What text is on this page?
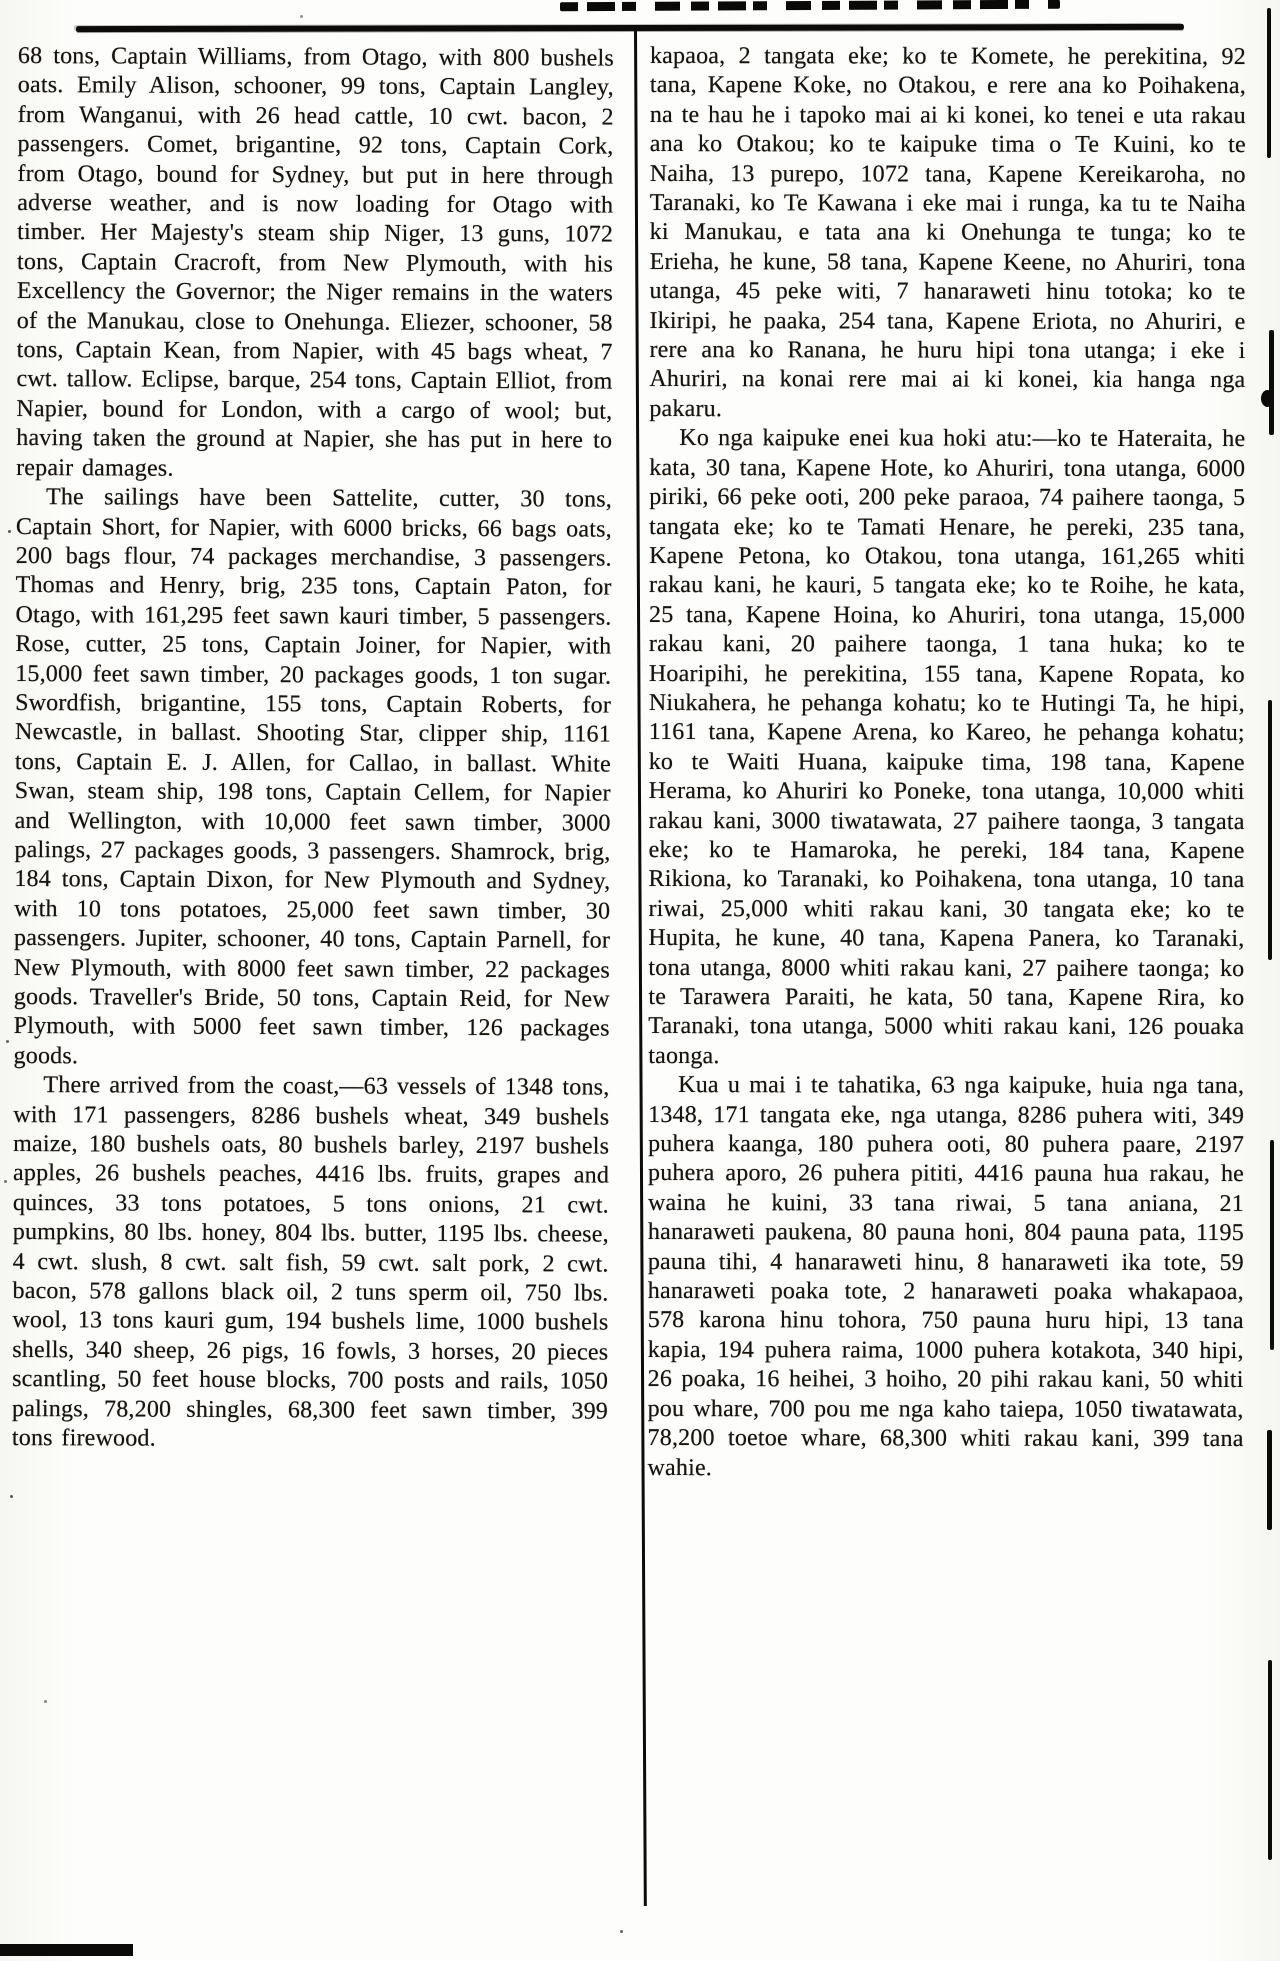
68 tons, Captain Williams, from Otago, with 800 bushels oats. Emily Alison, schooner, 99 tons, Captain Langley, from Wanganui, with 26 head cattle, 10 cwt. bacon, 2 passengers. Comet, brigantine, 92 tons, Captain Cork, from Otago, bound for Sydney, but put in here through adverse weather, and is now loading for Otago with timber. Her Majesty's steam ship Niger, 13 guns, 1072 tons, Captain Cracroft, from New Plymouth, with his Excellency the Governor; the Niger remains in the waters of the Manukau, close to Onehunga. Eliezer, schooner, 58 tons, Captain Kean, from Napier, with 45 bags wheat, 7 cwt. tallow. Eclipse, barque, 254 tons, Captain Elliot, from Napier, bound for London, with a cargo of wool; but, having taken the ground at Napier, she has put in here to repair damages.

The sailings have been Sattelite, cutter, 30 tons, Captain Short, for Napier, with 6000 bricks, 66 bags oats, 200 bags flour, 74 packages merchandise, 3 passengers. Thomas and Henry, brig, 235 tons, Captain Paton, for Otago, with 161,295 feet sawn kauri timber, 5 passengers. Rose, cutter, 25 tons, Captain Joiner, for Napier, with 15,000 feet sawn timber, 20 packages goods, 1 ton sugar. Swordfish, brigantine, 155 tons, Captain Roberts, for Newcastle, in ballast. Shooting Star, clipper ship, 1161 tons, Captain E. J. Allen, for Callao, in ballast. White Swan, steam ship, 198 tons, Captain Cellem, for Napier and Wellington, with 10,000 feet sawn timber, 3000 palings, 27 packages goods, 3 passengers. Shamrock, brig, 184 tons, Captain Dixon, for New Plymouth and Sydney, with 10 tons potatoes, 25,000 feet sawn timber, 30 passengers. Jupiter, schooner, 40 tons, Captain Parnell, for New Plymouth, with 8000 feet sawn timber, 22 packages goods. Traveller's Bride, 50 tons, Captain Reid, for New Plymouth, with 5000 feet sawn timber, 126 packages goods.

There arrived from the coast,—63 vessels of 1348 tons, with 171 passengers, 8286 bushels wheat, 349 bushels maize, 180 bushels oats, 80 bushels barley, 2197 bushels apples, 26 bushels peaches, 4416 lbs. fruits, grapes and quinces, 33 tons potatoes, 5 tons onions, 21 cwt. pumpkins, 80 lbs. honey, 804 lbs. butter, 1195 lbs. cheese, 4 cwt. slush, 8 cwt. salt fish, 59 cwt. salt pork, 2 cwt. bacon, 578 gallons black oil, 2 tuns sperm oil, 750 lbs. wool, 13 tons kauri gum, 194 bushels lime, 1000 bushels shells, 340 sheep, 26 pigs, 16 fowls, 3 horses, 20 pieces scantling, 50 feet house blocks, 700 posts and rails, 1050 palings, 78,200 shingles, 68,300 feet sawn timber, 399 tons firewood.

kapaoa, 2 tangata eke; ko te Komete, he perekitina, 92 tana, Kapene Koke, no Otakou, e rere ana ko Poihakena, na te hau he i tapoko mai ai ki konei, ko tenei e uta rakau ana ko Otakou; ko te kaipuke tima o Te Kuini, ko te Naiha, 13 purepo, 1072 tana, Kapene Kereikaroha, no Taranaki, ko Te Kawana i eke mai i runga, ka tu te Naiha ki Manukau, e tata ana ki Onehunga te tunga; ko te Erieha, he kune, 58 tana, Kapene Keene, no Ahuriri, tona utanga, 45 peke witi, 7 hanaraweti hinu totoka; ko te Ikiripi, he paaka, 254 tana, Kapene Eriota, no Ahuriri, e rere ana ko Ranana, he huru hipi tona utanga; i eke i Ahuriri, na konai rere mai ai ki konei, kia hanga nga pakaru.

Ko nga kaipuke enei kua hoki atu:—ko te Hateraita, he kata, 30 tana, Kapene Hote, ko Ahuriri, tona utanga, 6000 piriki, 66 peke ooti, 200 peke paraoa, 74 paihere taonga, 5 tangata eke; ko te Tamati Henare, he pereki, 235 tana, Kapene Petona, ko Otakou, tona utanga, 161,265 whiti rakau kani, he kauri, 5 tangata eke; ko te Roihe, he kata, 25 tana, Kapene Hoina, ko Ahuriri, tona utanga, 15,000 rakau kani, 20 paihere taonga, 1 tana huka; ko te Hoaripihi, he perekitina, 155 tana, Kapene Ropata, ko Niukahera, he pehanga kohatu; ko te Hutingi Ta, he hipi, 1161 tana, Kapene Arena, ko Kareo, he pehanga kohatu; ko te Waiti Huana, kaipuke tima, 198 tana, Kapene Herama, ko Ahuriri ko Poneke, tona utanga, 10,000 whiti rakau kani, 3000 tiwatawata, 27 paihere taonga, 3 tangata eke; ko te Hamaroka, he pereki, 184 tana, Kapene Rikiona, ko Taranaki, ko Poihakena, tona utanga, 10 tana riwai, 25,000 whiti rakau kani, 30 tangata eke; ko te Hupita, he kune, 40 tana, Kapena Panera, ko Taranaki, tona utanga, 8000 whiti rakau kani, 27 paihere taonga; ko te Tarawera Paraiti, he kata, 50 tana, Kapene Rira, ko Taranaki, tona utanga, 5000 whiti rakau kani, 126 pouaka taonga.

Kua u mai i te tahatika, 63 nga kaipuke, huia nga tana, 1348, 171 tangata eke, nga utanga, 8286 puhera witi, 349 puhera kaanga, 180 puhera ooti, 80 puhera paare, 2197 puhera aporo, 26 puhera pititi, 4416 pauna hua rakau, he waina he kuini, 33 tana riwai, 5 tana aniana, 21 hanaraweti paukena, 80 pauna honi, 804 pauna pata, 1195 pauna tihi, 4 hanaraweti hinu, 8 hanaraweti ika tote, 59 hanaraweti poaka tote, 2 hanaraweti poaka whakapaoa, 578 karona hinu tohora, 750 pauna huru hipi, 13 tana kapia, 194 puhera raima, 1000 puhera kotakota, 340 hipi, 26 poaka, 16 heihei, 3 hoiho, 20 pihi rakau kani, 50 whiti pou whare, 700 pou me nga kaho taiepa, 1050 tiwatawata, 78,200 toetoe whare, 68,300 whiti rakau kani, 399 tana wahie.
